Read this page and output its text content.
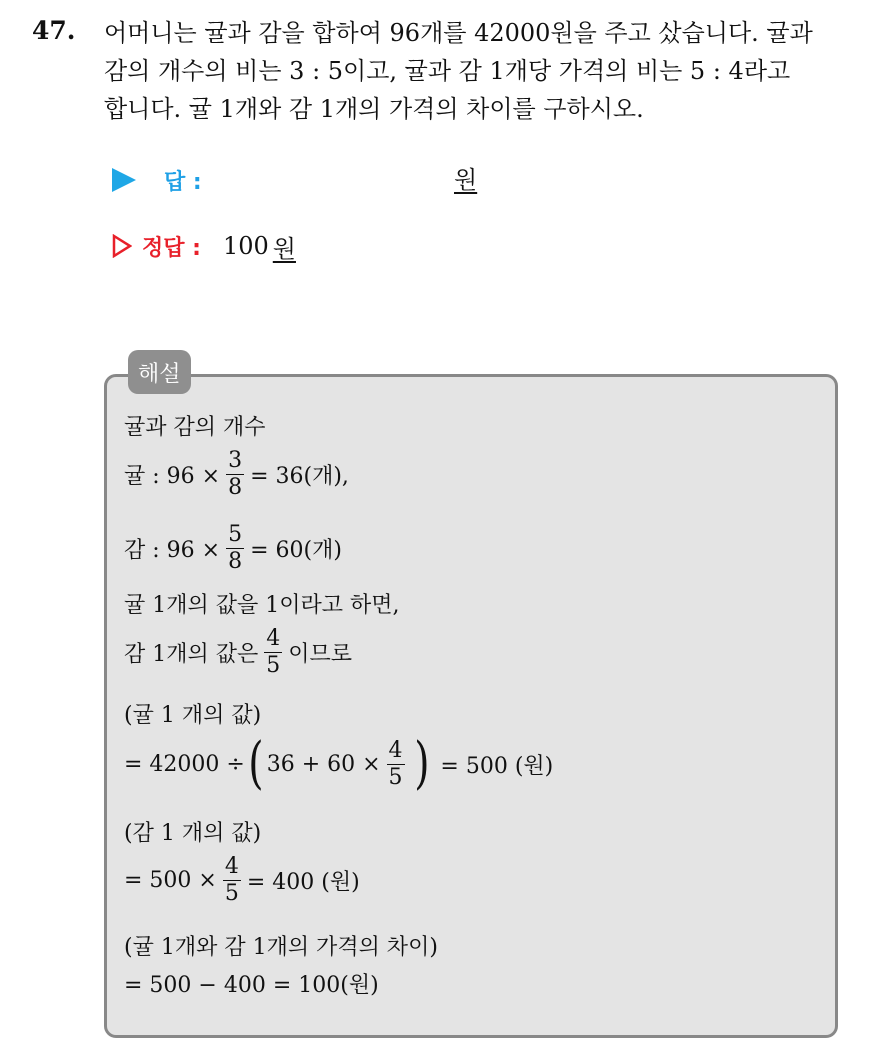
47. 어머니는 귤과 감을 합하여 96개를 42000원을 주고 샀습니다. 귤과
감의 개수의 비는 3 : 5이고, 귤과 감 1개당 가격의 비는 5 : 4라고
합니다. 귤 1개와 감 1개의 가격의 차이를 구하시오.
답 :	원
정답 : 100 원
해설
귤과 감의 개수
귤 : $96 \times \frac{3}{8} = 36$(개),
감 : $96 \times \frac{5}{8} = 60$(개)
귤 1개의 값을 1이라고 하면,
감 1개의 값은 $\frac{4}{5}$ 이므로
(귤 1 개의 값)
= 42000 ÷ ( $36 + 60 \times \frac{4}{5}$ ) = 500 (원)
(감 1 개의 값)
= $500 \times \frac{4}{5} = 400$ (원)
(귤 1개와 감 1개의 가격의 차이)
= 500 − 400 = 100(원)
